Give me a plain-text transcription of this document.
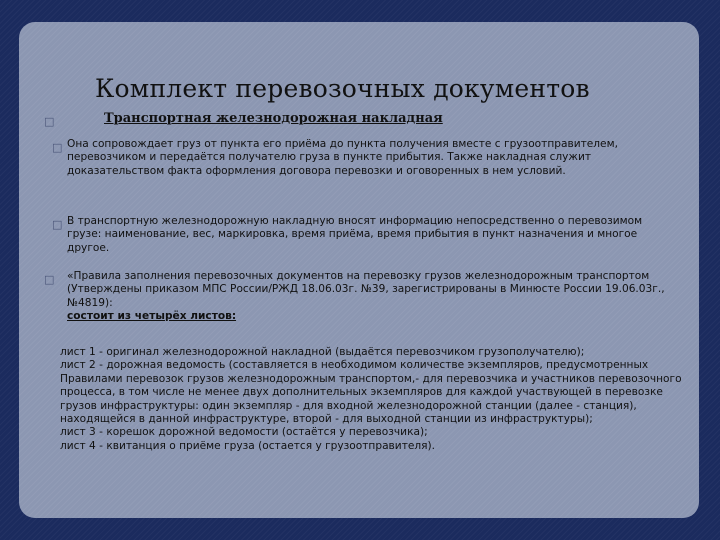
Комплект перевозочных документов
□	Транспортная железнодорожная накладная
□ Она сопровождает груз от пункта его приёма до пункта получения вместе с грузоотправителем, перевозчиком и передаётся получателю груза в пункте прибытия. Также накладная служит доказательством факта оформления договора перевозки и оговоренных в нем условий.
□ В транспортную железнодорожную накладную вносят информацию непосредственно о перевозимом грузе: наименование, вес, маркировка, время приёма, время прибытия в пункт назначения и многое другое.
□ «Правила заполнения перевозочных документов на перевозку грузов железнодорожным транспортом (Утверждены приказом МПС России/РЖД 18.06.03г. №39, зарегистрированы в Минюсте России 19.06.03г., №4819):
состоит из четырёх листов:

лист 1 - оригинал железнодорожной накладной (выдаётся перевозчиком грузополучателю);

лист 2 - дорожная ведомость (составляется в необходимом количестве экземпляров, предусмотренных Правилами перевозок грузов железнодорожным транспортом,- для перевозчика и участников перевозочного процесса, в том числе не менее двух дополнительных экземпляров для каждой участвующей в перевозке грузов инфраструктуры: один экземпляр - для входной железнодорожной станции (далее - станция), находящейся в данной инфраструктуре, второй - для выходной станции из инфраструктуры);

лист 3 - корешок дорожной ведомости (остаётся у перевозчика);

лист 4 - квитанция о приёме груза (остается у грузоотправителя).
